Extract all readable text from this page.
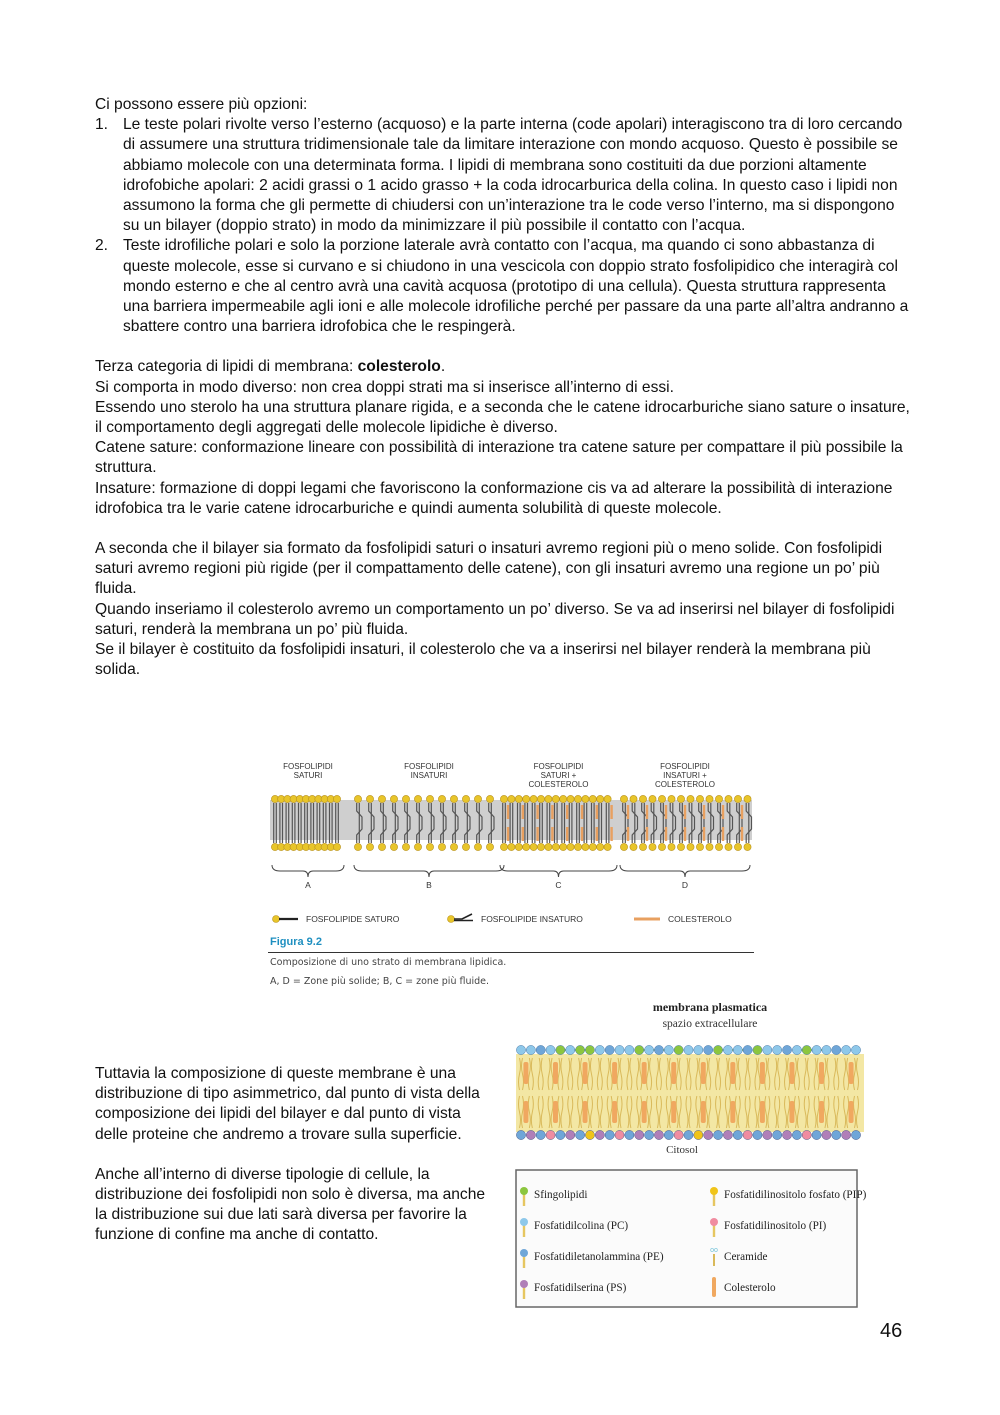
Ci possono essere più opzioni:

1. Le teste polari rivolte verso l’esterno (acquoso) e la parte interna (code apolari) interagiscono tra di loro cercando di assumere una struttura tridimensionale tale da limitare interazione con mondo acquoso. Questo è possibile se abbiamo molecole con una determinata forma. I lipidi di membrana sono costituiti da due porzioni altamente idrofobiche apolari: 2 acidi grassi o 1 acido grasso + la coda idrocarburica della colina. In questo caso i lipidi non assumono la forma che gli permette di chiudersi con un’interazione tra le code verso l’interno, ma si dispongono su un bilayer (doppio strato) in modo da minimizzare il più possibile il contatto con l’acqua.
2. Teste idrofiliche polari e solo la porzione laterale avrà contatto con l’acqua, ma quando ci sono abbastanza di queste molecole, esse si curvano e si chiudono in una vescicola con doppio strato fosfolipidico che interagirà col mondo esterno e che al centro avrà una cavità acquosa (prototipo di una cellula). Questa struttura rappresenta una barriera impermeabile agli ioni e alle molecole idrofiliche perché per passare da una parte all’altra andranno a sbattere contro una barriera idrofobica che le respingerà.

Terza categoria di lipidi di membrana: colesterolo.

Si comporta in modo diverso: non crea doppi strati ma si inserisce all’interno di essi.

Essendo uno sterolo ha una struttura planare rigida, e a seconda che le catene idrocarburiche siano sature o insature, il comportamento degli aggregati delle molecole lipidiche è diverso.

Catene sature: conformazione lineare con possibilità di interazione tra catene sature per compattare il più possibile la struttura.

Insature: formazione di doppi legami che favoriscono la conformazione cis va ad alterare la possibilità di interazione idrofobica tra le varie catene idrocarburiche e quindi aumenta solubilità di queste molecole.

A seconda che il bilayer sia formato da fosfolipidi saturi o insaturi avremo regioni più o meno solide. Con fosfolipidi saturi avremo regioni più rigide (per il compattamento delle catene), con gli insaturi avremo una regione un po’ più fluida.

Quando inseriamo il colesterolo avremo un comportamento un po’ diverso. Se va ad inserirsi nel bilayer di fosfolipidi saturi, renderà la membrana un po’ più fluida.

Se il bilayer è costituito da fosfolipidi insaturi, il colesterolo che va a inserirsi nel bilayer renderà la membrana più solida.

FOSFOLIPIDI
SATURI
FOSFOLIPIDI
INSATURI
FOSFOLIPIDI
SATURI +
COLESTEROLO
FOSFOLIPIDI
INSATURI +
COLESTEROLO
A	B	C	D
FOSFOLIPIDE SATURO	FOSFOLIPIDE INSATURO	COLESTEROLO
Figura 9.2
Composizione di uno strato di membrana lipidica.
A, D = Zone più solide; B, C = zone più fluide.
membrana plasmatica
spazio extracellulare
Citosol
Sfingolipidi	Fosfatidilinositolo fosfato (PIP)
Fosfatidilcolina (PC)	Fosfatidilinositolo (PI)
Fosfatidiletanolammina (PE)
oo
Ceramide
Fosfatidilserina (PS)	Colesterolo

Tuttavia la composizione di queste membrane è una distribuzione di tipo asimmetrico, dal punto di vista della composizione dei lipidi del bilayer e dal punto di vista delle proteine che andremo a trovare sulla superficie.

Anche all’interno di diverse tipologie di cellule, la distribuzione dei fosfolipidi non solo è diversa, ma anche la distribuzione sui due lati sarà diversa per favorire la funzione di confine ma anche di contatto.

46
